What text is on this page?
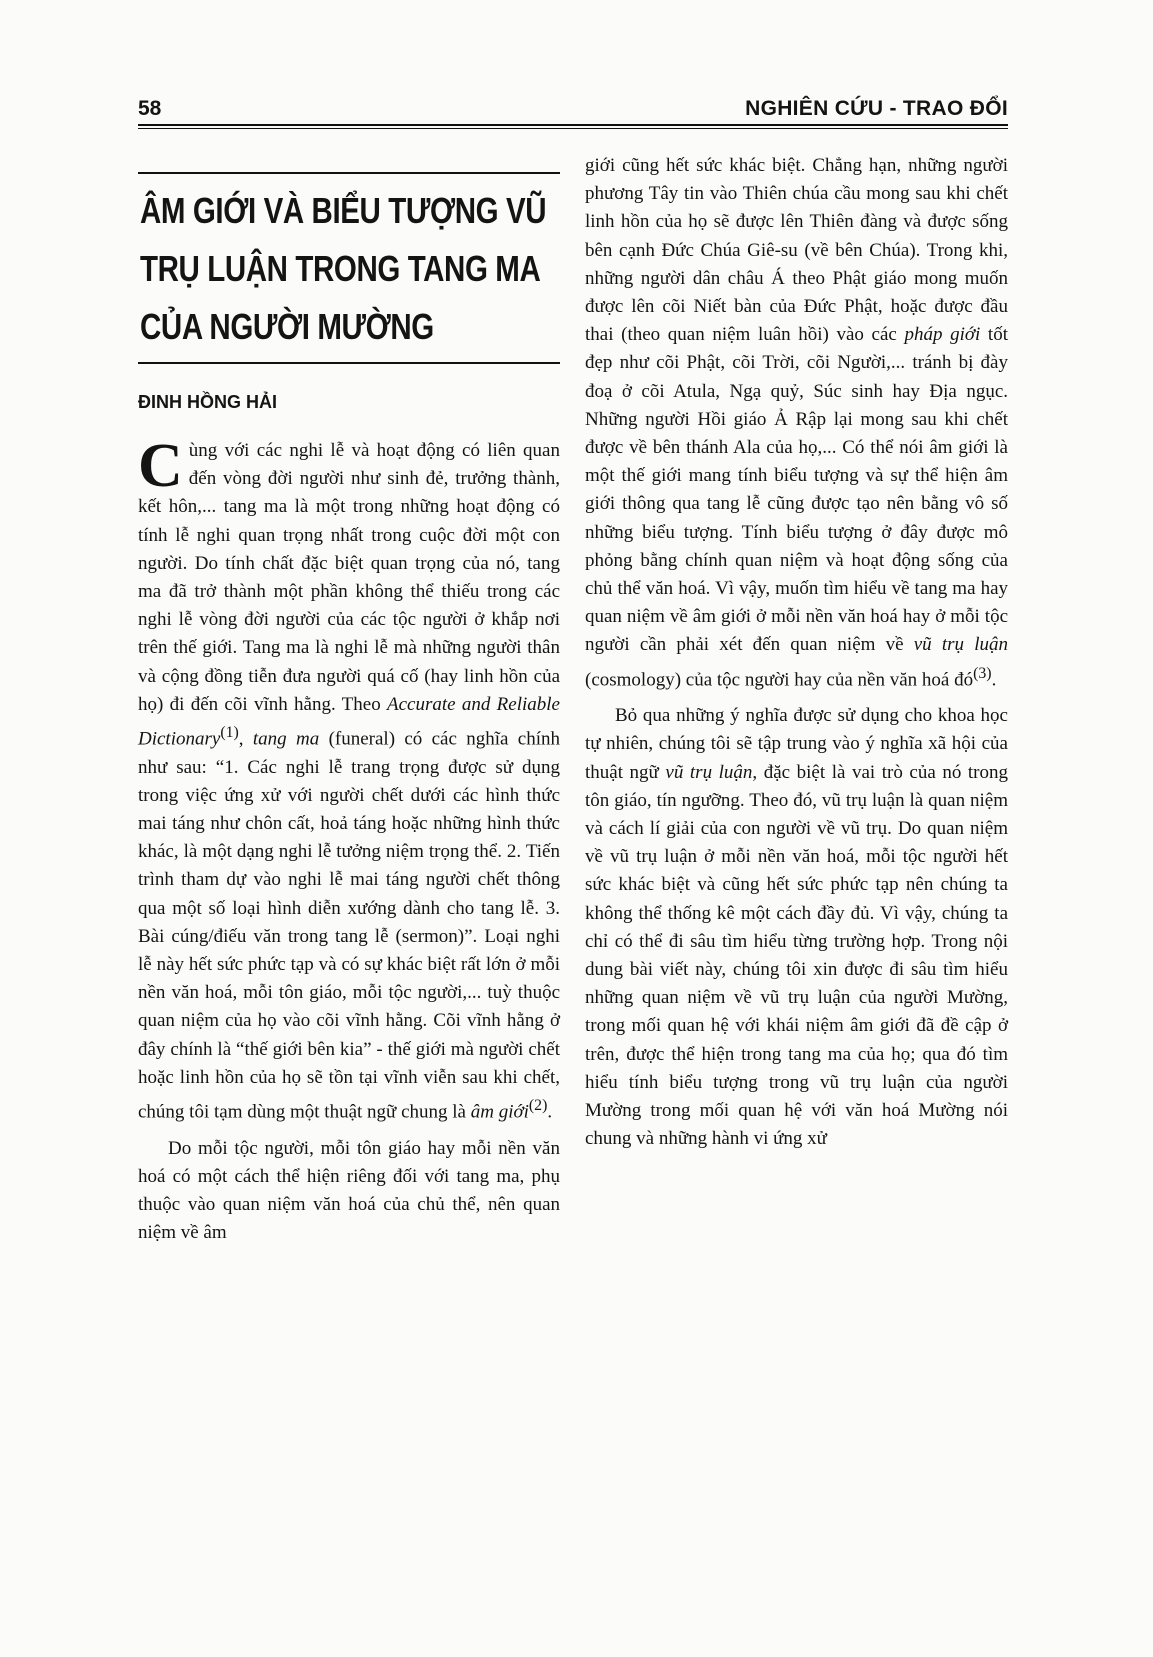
58	NGHIÊN CỨU - TRAO ĐỔI
ÂM GIỚI VÀ BIỂU TƯỢNG VŨ TRỤ LUẬN TRONG TANG MA CỦA NGƯỜI MƯỜNG
ĐINH HỒNG HẢI

Cùng với các nghi lễ và hoạt động có liên quan đến vòng đời người như sinh đẻ, trưởng thành, kết hôn,... tang ma là một trong những hoạt động có tính lễ nghi quan trọng nhất trong cuộc đời một con người. Do tính chất đặc biệt quan trọng của nó, tang ma đã trở thành một phần không thể thiếu trong các nghi lễ vòng đời người của các tộc người ở khắp nơi trên thế giới. Tang ma là nghi lễ mà những người thân và cộng đồng tiễn đưa người quá cố (hay linh hồn của họ) đi đến cõi vĩnh hằng. Theo Accurate and Reliable Dictionary$^{(1)}$, tang ma (funeral) có các nghĩa chính như sau: “1. Các nghi lễ trang trọng được sử dụng trong việc ứng xử với người chết dưới các hình thức mai táng như chôn cất, hoả táng hoặc những hình thức khác, là một dạng nghi lễ tưởng niệm trọng thể. 2. Tiến trình tham dự vào nghi lễ mai táng người chết thông qua một số loại hình diễn xướng dành cho tang lễ. 3. Bài cúng/điếu văn trong tang lễ (sermon)”. Loại nghi lễ này hết sức phức tạp và có sự khác biệt rất lớn ở mỗi nền văn hoá, mỗi tôn giáo, mỗi tộc người,... tuỳ thuộc quan niệm của họ vào cõi vĩnh hằng. Cõi vĩnh hằng ở đây chính là “thế giới bên kia” - thế giới mà người chết hoặc linh hồn của họ sẽ tồn tại vĩnh viễn sau khi chết, chúng tôi tạm dùng một thuật ngữ chung là âm giới$^{(2)}$.

Do mỗi tộc người, mỗi tôn giáo hay mỗi nền văn hoá có một cách thể hiện riêng đối với tang ma, phụ thuộc vào quan niệm văn hoá của chủ thể, nên quan niệm về âm

giới cũng hết sức khác biệt. Chẳng hạn, những người phương Tây tin vào Thiên chúa cầu mong sau khi chết linh hồn của họ sẽ được lên Thiên đàng và được sống bên cạnh Đức Chúa Giê-su (về bên Chúa). Trong khi, những người dân châu Á theo Phật giáo mong muốn được lên cõi Niết bàn của Đức Phật, hoặc được đầu thai (theo quan niệm luân hồi) vào các pháp giới tốt đẹp như cõi Phật, cõi Trời, cõi Người,... tránh bị đày đoạ ở cõi Atula, Ngạ quỷ, Súc sinh hay Địa ngục. Những người Hồi giáo Ả Rập lại mong sau khi chết được về bên thánh Ala của họ,... Có thể nói âm giới là một thế giới mang tính biểu tượng và sự thể hiện âm giới thông qua tang lễ cũng được tạo nên bằng vô số những biểu tượng. Tính biểu tượng ở đây được mô phỏng bằng chính quan niệm và hoạt động sống của chủ thể văn hoá. Vì vậy, muốn tìm hiểu về tang ma hay quan niệm về âm giới ở mỗi nền văn hoá hay ở mỗi tộc người cần phải xét đến quan niệm về vũ trụ luận (cosmology) của tộc người hay của nền văn hoá $đó^{(3)}$.

Bỏ qua những ý nghĩa được sử dụng cho khoa học tự nhiên, chúng tôi sẽ tập trung vào ý nghĩa xã hội của thuật ngữ vũ trụ luận, đặc biệt là vai trò của nó trong tôn giáo, tín ngưỡng. Theo đó, vũ trụ luận là quan niệm và cách lí giải của con người về vũ trụ. Do quan niệm về vũ trụ luận ở mỗi nền văn hoá, mỗi tộc người hết sức khác biệt và cũng hết sức phức tạp nên chúng ta không thể thống kê một cách đầy đủ. Vì vậy, chúng ta chỉ có thể đi sâu tìm hiểu từng trường hợp. Trong nội dung bài viết này, chúng tôi xin được đi sâu tìm hiểu những quan niệm về vũ trụ luận của người Mường, trong mối quan hệ với khái niệm âm giới đã đề cập ở trên, được thể hiện trong tang ma của họ; qua đó tìm hiểu tính biểu tượng trong vũ trụ luận của người Mường trong mối quan hệ với văn hoá Mường nói chung và những hành vi ứng xử
